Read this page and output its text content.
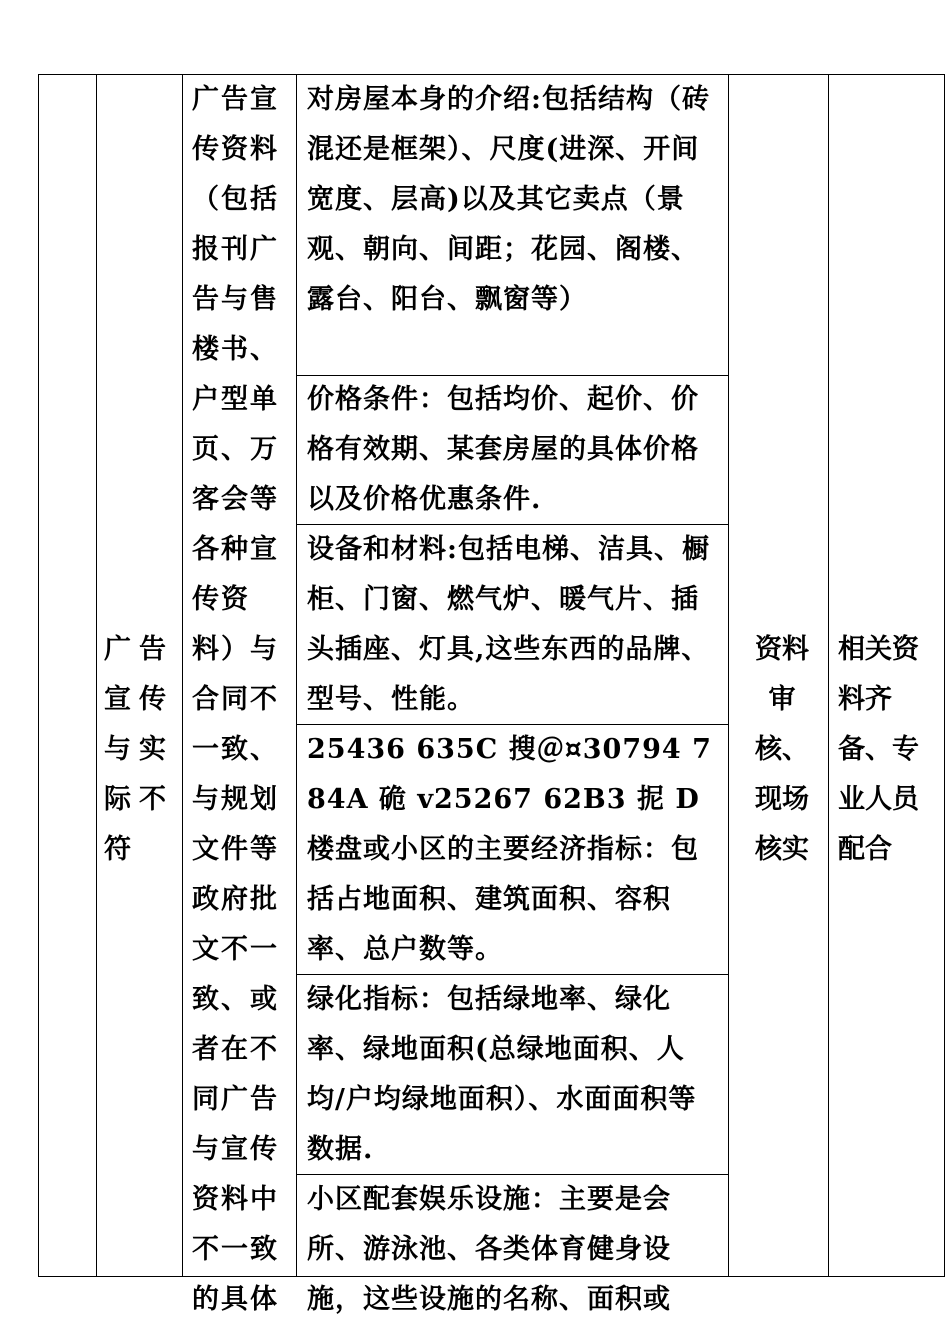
广告宣传与实际不符
广告宣传资料（包括报刊广告与售楼书、户型单页、万客会等各种宣传资料）与合同不一致、与规划文件等政府批文不一致、或者在不同广告与宣传资料中不一致的具体
对房屋本身的介绍:包括结构（砖混还是框架）、尺度(进深、开间宽度、层高)以及其它卖点（景观、朝向、间距；花园、阁楼、露台、阳台、飘窗等）
价格条件：包括均价、起价、价格有效期、某套房屋的具体价格以及价格优惠条件.
设备和材料:包括电梯、洁具、橱柜、门窗、燃气炉、暖气片、插头插座、灯具,这些东西的品牌、型号、性能。
25436 635C 搜＠¤30794 784A 硊 v25267 62B3 抳 D
楼盘或小区的主要经济指标：包括占地面积、建筑面积、容积率、总户数等。
绿化指标：包括绿地率、绿化率、绿地面积(总绿地面积、人均/户均绿地面积）、水面面积等数据.
小区配套娱乐设施：主要是会所、游泳池、各类体育健身设施，这些设施的名称、面积或
资料审核、现场核实
相关资料齐备、专业人员配合
